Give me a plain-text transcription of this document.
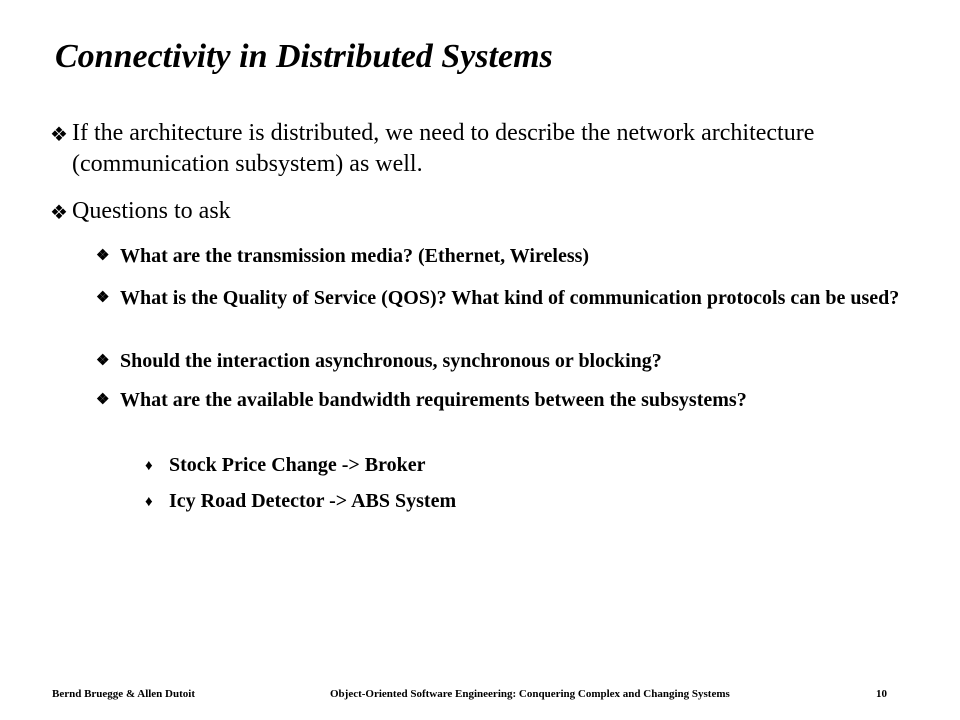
Connectivity in Distributed Systems
❖ If the architecture is distributed, we need to describe the network architecture (communication subsystem) as well.
❖ Questions to ask
❖ What are the transmission media? (Ethernet, Wireless)
❖ What is the Quality of Service (QOS)? What kind of communication protocols can be used?
❖ Should the interaction asynchronous, synchronous or blocking?
❖ What are the available bandwidth requirements between the subsystems?
♦ Stock Price Change -> Broker
♦ Icy Road Detector -> ABS System
Bernd Bruegge & Allen Dutoit	Object-Oriented Software Engineering: Conquering Complex and Changing Systems	10
